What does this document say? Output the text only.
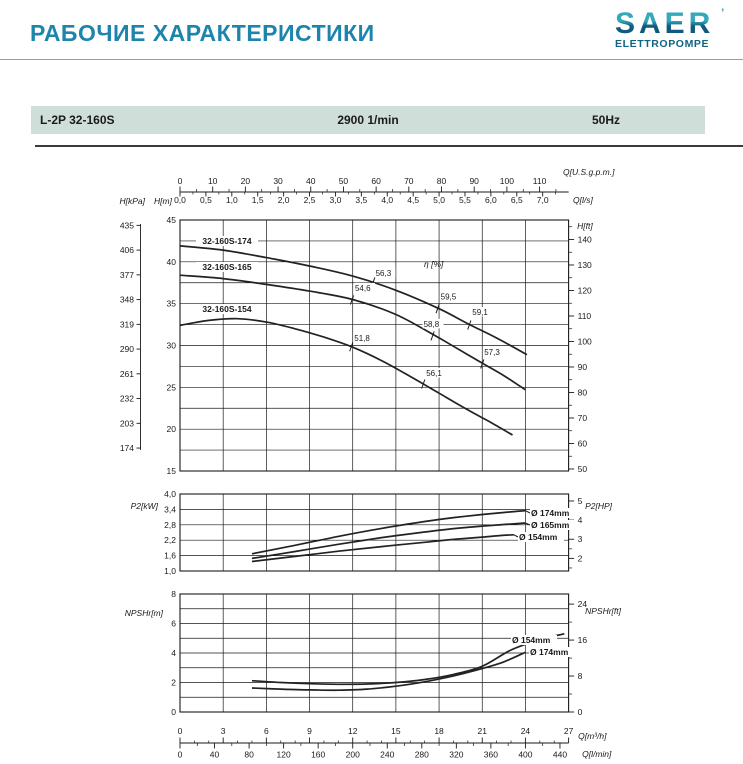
РАБОЧИЕ ХАРАКТЕРИСТИКИ	SAER ’
ELETTROPOMPE
L-2P 32-160S	2900 1/min	50Hz
0	10	20	30	40	50	60	70	80	90 100 110
Q[U.S.g.p.m.]
0,0 0,5 1,0 1,5 2,0 2,5 3,0 3,5 4,0 4,5 5,0 5,5 6,0 6,5 7,0	Q[l/s]
45
40
35
30
25
20
15
H[m]
435
406
377
348
319
290
261
232
203
174
H[kPa]
140
130
120
110
100
90
80
70
60
50
H[ft]
32-160S-174
32-160S-165
32-160S-154
η [%]
56,3
54,6
59,5
59,1
58,8
57,3
51,8
56,1
4,0
3,4
2,8
2,2
1,6
1,0
P2[kW]
5
4
3
2
P2[HP]
Ø 174mm
Ø 165mm
Ø 154mm
8
6
4
2
0
NPSHr[m]
24
16
8
0
NPSHr[ft]
Ø 154mm
Ø 174mm
0	3	6	9	12	15	18	21	24	27 Q[m³/h]
0	40	80	120 160 200 240 280 320 360 400 440 Q[l/min]
